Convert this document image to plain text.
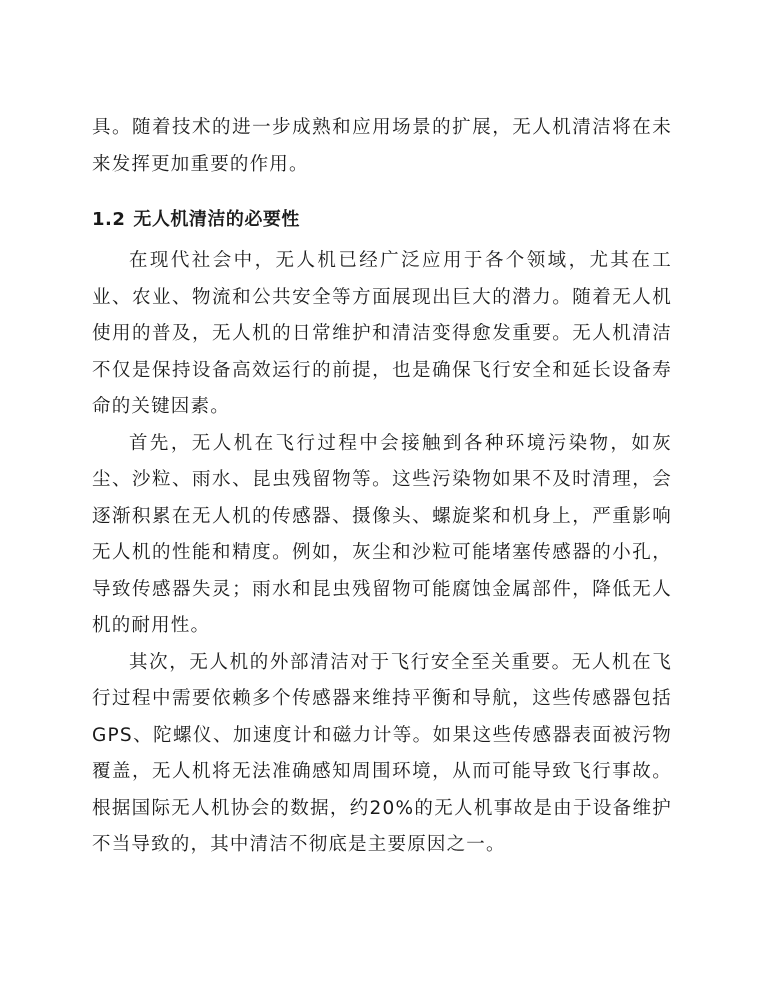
具。随着技术的进一步成熟和应用场景的扩展，无人机清洁将在未来发挥更加重要的作用。

1.2 无人机清洁的必要性

在现代社会中，无人机已经广泛应用于各个领域，尤其在工业、农业、物流和公共安全等方面展现出巨大的潜力。随着无人机使用的普及，无人机的日常维护和清洁变得愈发重要。无人机清洁不仅是保持设备高效运行的前提，也是确保飞行安全和延长设备寿命的关键因素。

首先，无人机在飞行过程中会接触到各种环境污染物，如灰尘、沙粒、雨水、昆虫残留物等。这些污染物如果不及时清理，会逐渐积累在无人机的传感器、摄像头、螺旋桨和机身上，严重影响无人机的性能和精度。例如，灰尘和沙粒可能堵塞传感器的小孔，导致传感器失灵；雨水和昆虫残留物可能腐蚀金属部件，降低无人机的耐用性。

其次，无人机的外部清洁对于飞行安全至关重要。无人机在飞行过程中需要依赖多个传感器来维持平衡和导航，这些传感器包括GPS、陀螺仪、加速度计和磁力计等。如果这些传感器表面被污物覆盖，无人机将无法准确感知周围环境，从而可能导致飞行事故。根据国际无人机协会的数据，约20%的无人机事故是由于设备维护不当导致的，其中清洁不彻底是主要原因之一。
